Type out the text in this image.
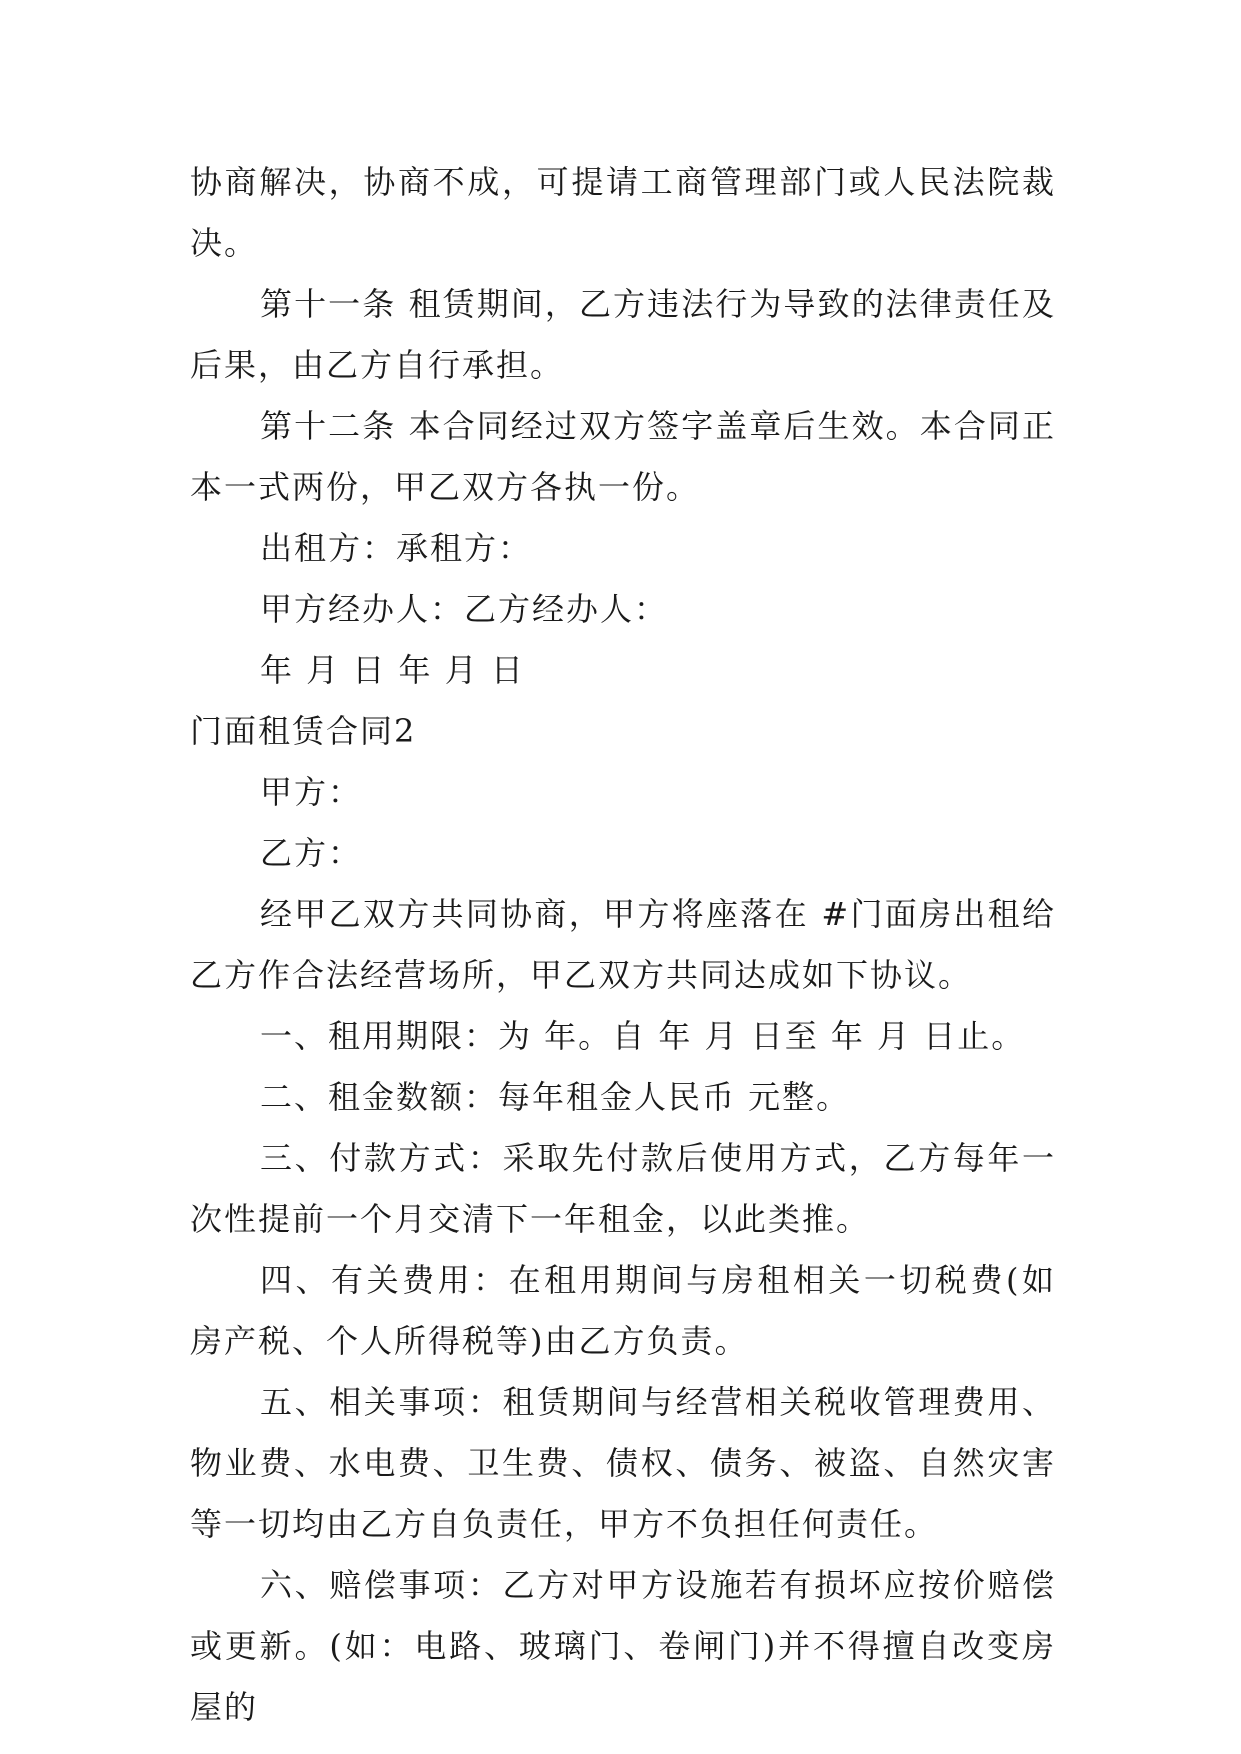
协商解决，协商不成，可提请工商管理部门或人民法院裁决。

第十一条 租赁期间，乙方违法行为导致的法律责任及后果，由乙方自行承担。

第十二条 本合同经过双方签字盖章后生效。本合同正本一式两份，甲乙双方各执一份。

出租方：承租方：

甲方经办人：乙方经办人：

年 月 日 年 月 日

门面租赁合同2

甲方：

乙方：

经甲乙双方共同协商，甲方将座落在 #门面房出租给乙方作合法经营场所，甲乙双方共同达成如下协议。

一、租用期限：为 年。自 年 月 日至 年 月 日止。

二、租金数额：每年租金人民币 元整。

三、付款方式：采取先付款后使用方式，乙方每年一次性提前一个月交清下一年租金，以此类推。

四、有关费用：在租用期间与房租相关一切税费(如房产税、个人所得税等)由乙方负责。

五、相关事项：租赁期间与经营相关税收管理费用、物业费、水电费、卫生费、债权、债务、被盗、自然灾害等一切均由乙方自负责任，甲方不负担任何责任。

六、赔偿事项：乙方对甲方设施若有损坏应按价赔偿或更新。(如：电路、玻璃门、卷闸门)并不得擅自改变房屋的
